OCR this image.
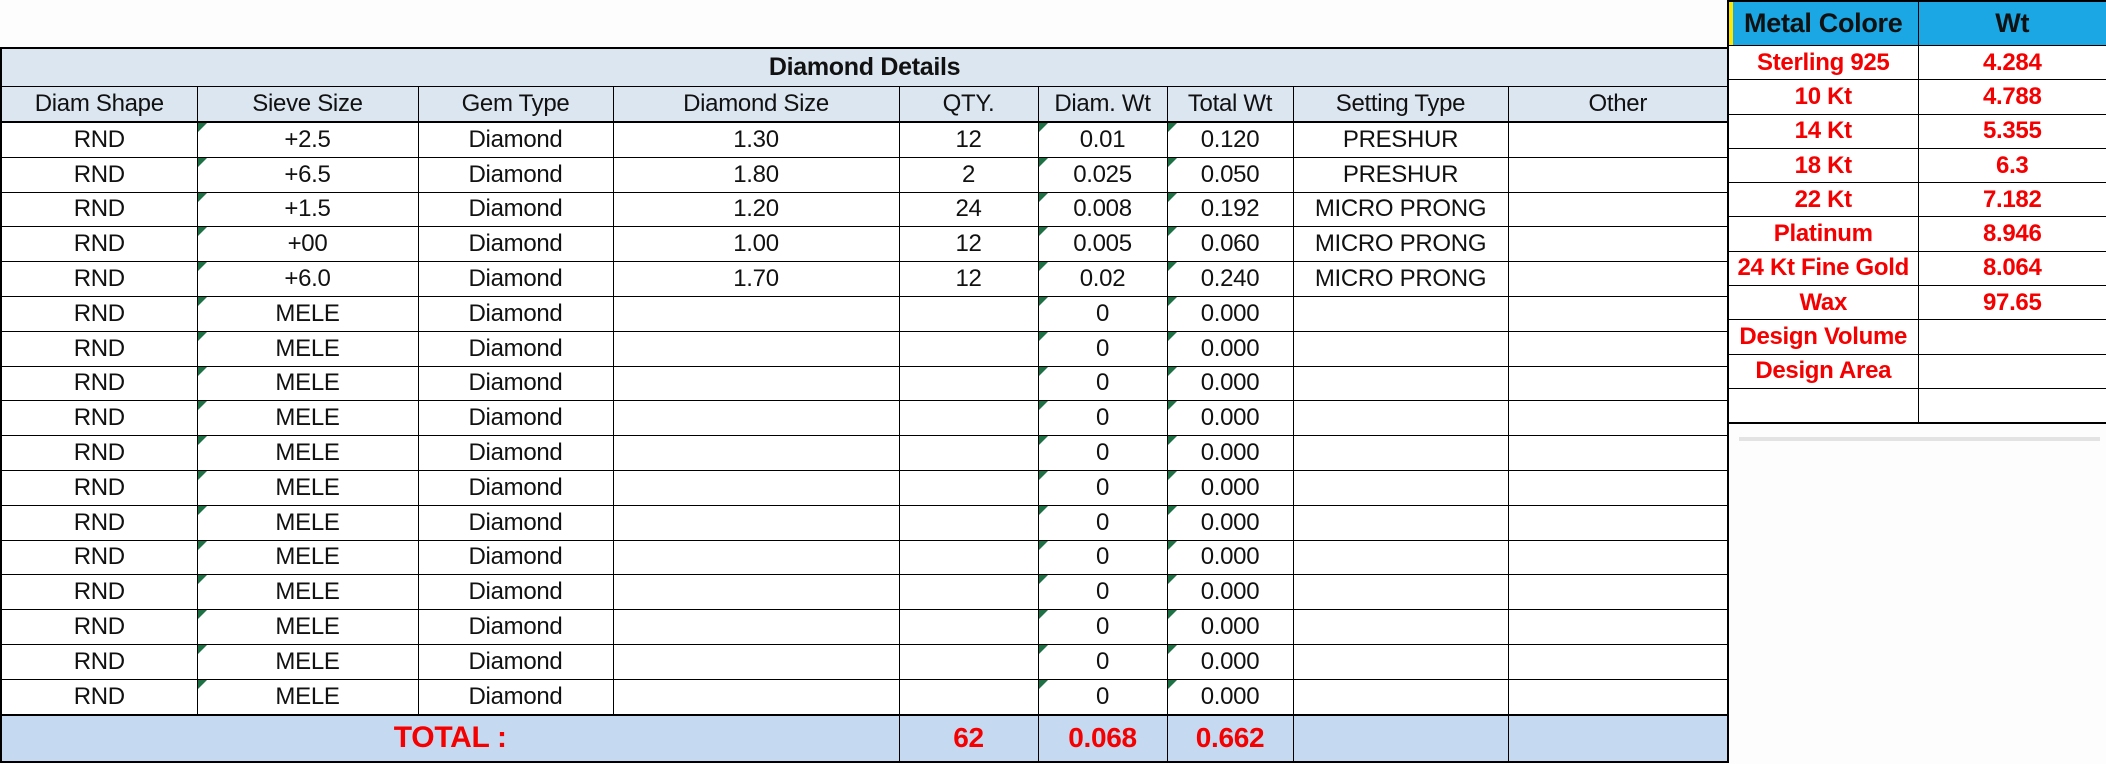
Diamond Details								
Diam Shape	Sieve Size	Gem Type	Diamond Size	QTY.	Diam. Wt	Total Wt	Setting Type	Other
RND	+2.5	Diamond	1.30	12	0.01	0.120	PRESHUR	
RND	+6.5	Diamond	1.80	2	0.025	0.050	PRESHUR	
RND	+1.5	Diamond	1.20	24	0.008	0.192	MICRO PRONG	
RND	+00	Diamond	1.00	12	0.005	0.060	MICRO PRONG	
RND	+6.0	Diamond	1.70	12	0.02	0.240	MICRO PRONG	
RND	MELE	Diamond			0	0.000		
RND	MELE	Diamond			0	0.000		
RND	MELE	Diamond			0	0.000		
RND	MELE	Diamond			0	0.000		
RND	MELE	Diamond			0	0.000		
RND	MELE	Diamond			0	0.000		
RND	MELE	Diamond			0	0.000		
RND	MELE	Diamond			0	0.000		
RND	MELE	Diamond			0	0.000		
RND	MELE	Diamond			0	0.000		
RND	MELE	Diamond			0	0.000		
RND	MELE	Diamond			0	0.000		
TOTAL :				62	0.068	0.662		
Metal Colore	Wt
Sterling 925	4.284
10 Kt	4.788
14 Kt	5.355
18 Kt	6.3
22 Kt	7.182
Platinum	8.946
24 Kt Fine Gold	8.064
Wax	97.65
Design Volume	
Design Area	
